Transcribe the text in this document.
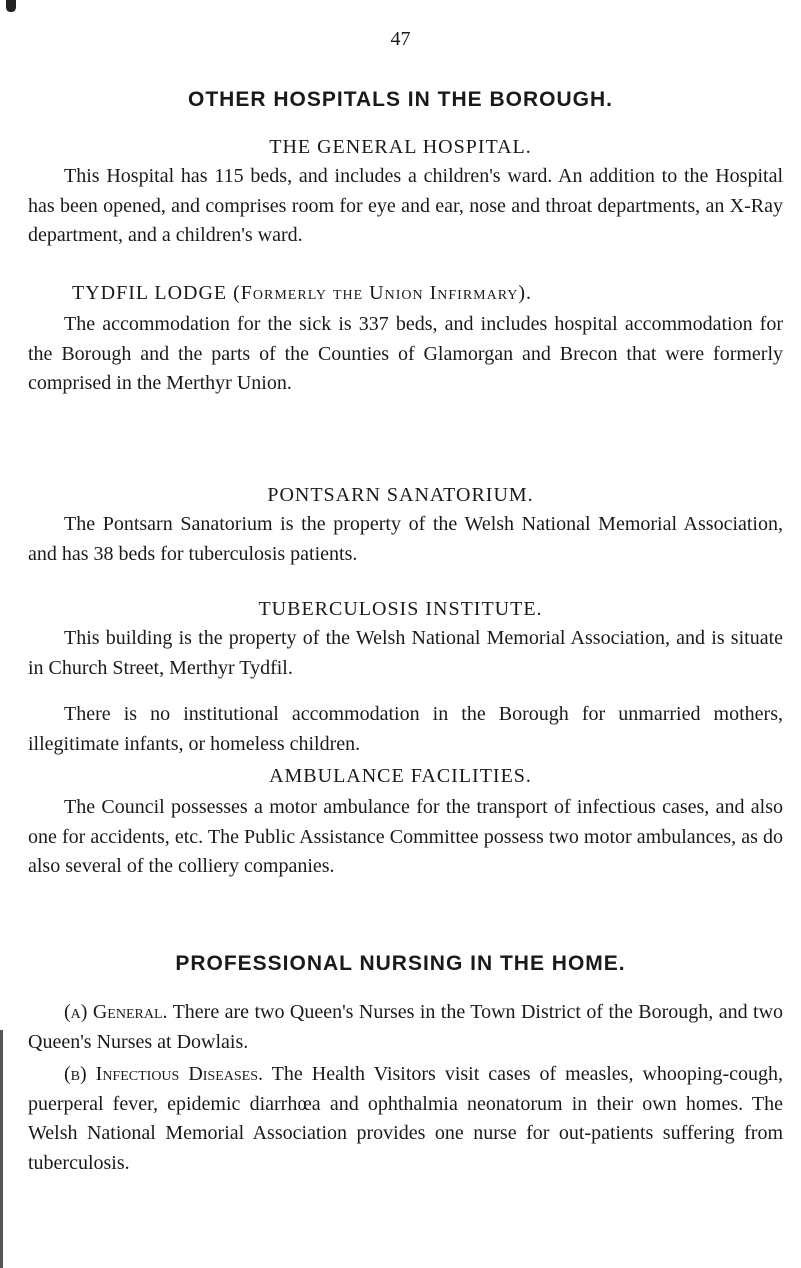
47
OTHER HOSPITALS IN THE BOROUGH.
THE GENERAL HOSPITAL.

This Hospital has 115 beds, and includes a children's ward. An addition to the Hospital has been opened, and comprises room for eye and ear, nose and throat departments, an X-Ray department, and a children's ward.

TYDFIL LODGE (Formerly the Union Infirmary).

The accommodation for the sick is 337 beds, and includes hospital accommodation for the Borough and the parts of the Counties of Glamorgan and Brecon that were formerly comprised in the Merthyr Union.

PONTSARN SANATORIUM.

The Pontsarn Sanatorium is the property of the Welsh National Memorial Association, and has 38 beds for tuberculosis patients.

TUBERCULOSIS INSTITUTE.

This building is the property of the Welsh National Memorial Association, and is situate in Church Street, Merthyr Tydfil.

There is no institutional accommodation in the Borough for unmarried mothers, illegitimate infants, or homeless children.

AMBULANCE FACILITIES.

The Council possesses a motor ambulance for the transport of infectious cases, and also one for accidents, etc. The Public Assistance Committee possess two motor ambulances, as do also several of the colliery companies.

PROFESSIONAL NURSING IN THE HOME.

(a) General. There are two Queen's Nurses in the Town District of the Borough, and two Queen's Nurses at Dowlais.

(b) Infectious Diseases. The Health Visitors visit cases of measles, whooping-cough, puerperal fever, epidemic diarrhœa and ophthalmia neonatorum in their own homes. The Welsh National Memorial Association provides one nurse for out-patients suffering from tuberculosis.
